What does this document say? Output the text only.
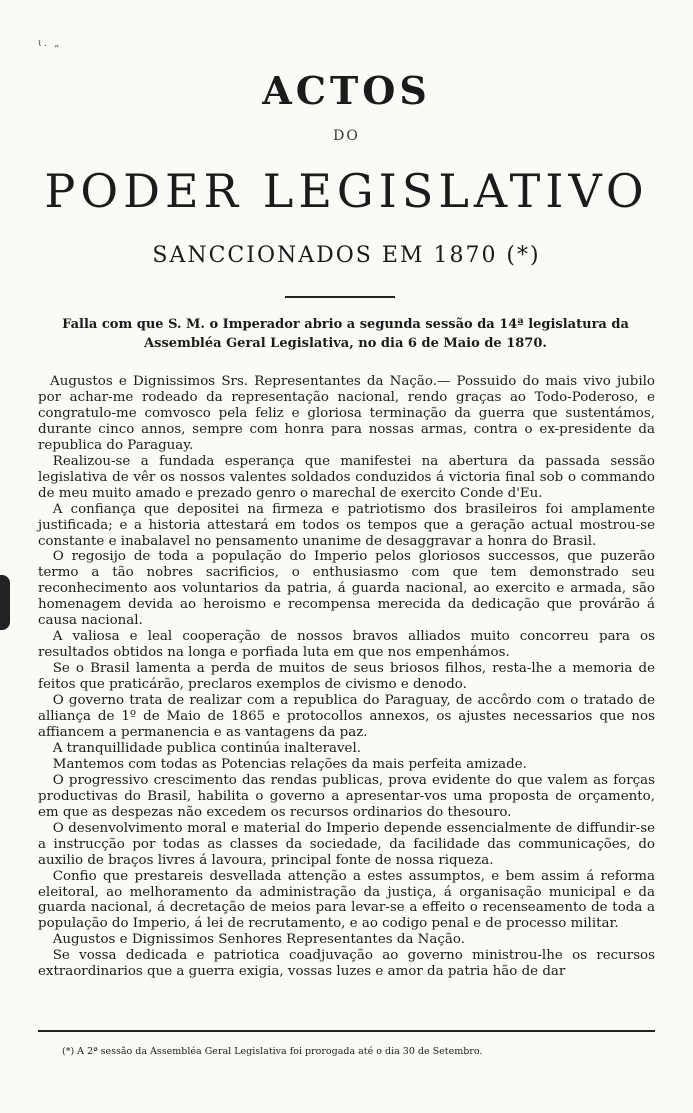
ɩ. „
ACTOS
DO
PODER LEGISLATIVO
SANCCIONADOS EM 1870 (*)
Falla com que S. M. o Imperador abrio a segunda sessão da 14ª legislatura da Assembléa Geral Legislativa, no dia 6 de Maio de 1870.

Augustos e Dignissimos Srs. Representantes da Nação.— Possuido do mais vivo jubilo por achar-me rodeado da representação nacional, rendo graças ao Todo-Poderoso, e congratulo-me comvosco pela feliz e gloriosa terminação da guerra que sustentámos, durante cinco annos, sempre com honra para nossas armas, contra o ex-presidente da republica do Paraguay.

Realizou-se a fundada esperança que manifestei na abertura da passada sessão legislativa de vêr os nossos valentes soldados conduzidos á victoria final sob o commando de meu muito amado e prezado genro o marechal de exercito Conde d'Eu.

A confiança que depositei na firmeza e patriotismo dos brasileiros foi amplamente justificada; e a historia attestará em todos os tempos que a geração actual mostrou-se constante e inabalavel no pensamento unanime de desaggravar a honra do Brasil.

O regosijo de toda a população do Imperio pelos gloriosos successos, que puzerão termo a tão nobres sacrificios, o enthusiasmo com que tem demonstrado seu reconhecimento aos voluntarios da patria, á guarda nacional, ao exercito e armada, são homenagem devida ao heroismo e recompensa merecida da dedicação que provárão á causa nacional.

A valiosa e leal cooperação de nossos bravos alliados muito concorreu para os resultados obtidos na longa e porfiada luta em que nos empenhámos.

Se o Brasil lamenta a perda de muitos de seus briosos filhos, resta-lhe a memoria de feitos que praticárão, preclaros exemplos de civismo e denodo.

O governo trata de realizar com a republica do Paraguay, de accôrdo com o tratado de alliança de 1º de Maio de 1865 e protocollos annexos, os ajustes necessarios que nos affiancem a permanencia e as vantagens da paz.

A tranquillidade publica continúa inalteravel.

Mantemos com todas as Potencias relações da mais perfeita amizade.

O progressivo crescimento das rendas publicas, prova evidente do que valem as forças productivas do Brasil, habilita o governo a apresentar-vos uma proposta de orçamento, em que as despezas não excedem os recursos ordinarios do thesouro.

O desenvolvimento moral e material do Imperio depende essencialmente de diffundir-se a instrucção por todas as classes da sociedade, da facilidade das communicações, do auxilio de braços livres á lavoura, principal fonte de nossa riqueza.

Confio que prestareis desvellada attenção a estes assumptos, e bem assim á reforma eleitoral, ao melhoramento da administração da justiça, á organisação municipal e da guarda nacional, á decretação de meios para levar-se a effeito o recenseamento de toda a população do Imperio, á lei de recrutamento, e ao codigo penal e de processo militar.

Augustos e Dignissimos Senhores Representantes da Nação.

Se vossa dedicada e patriotica coadjuvação ao governo ministrou-lhe os recursos extraordinarios que a guerra exigia, vossas luzes e amor da patria hão de dar

(*) A 2ª sessão da Assembléa Geral Legislativa foi prorogada até o dia 30 de Setembro.
